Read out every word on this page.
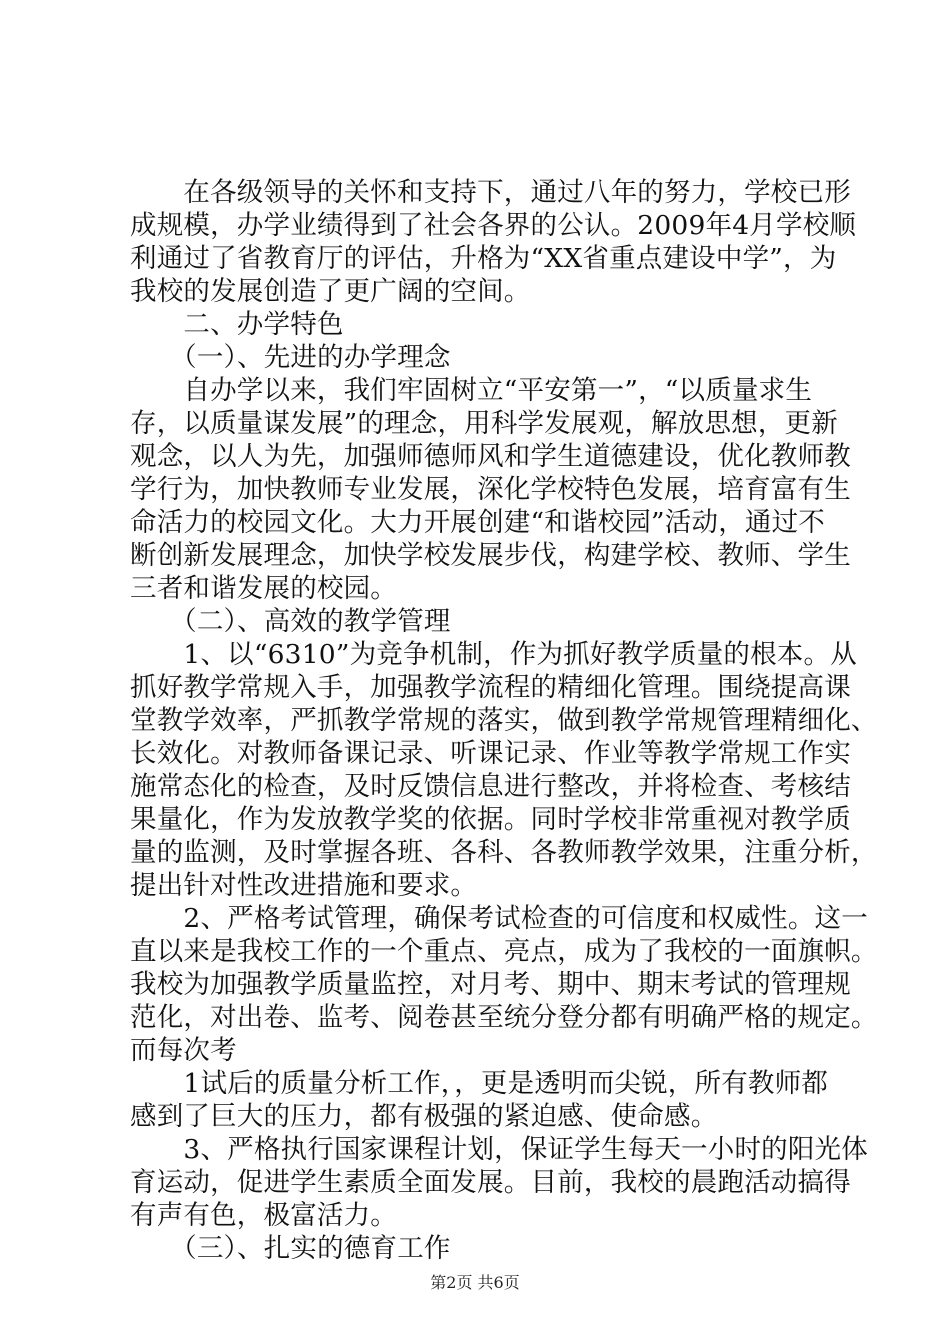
　　在各级领导的关怀和支持下，通过八年的努力，学校已形
成规模，办学业绩得到了社会各界的公认。2009年4月学校顺
利通过了省教育厅的评估，升格为“XX省重点建设中学”，为
我校的发展创造了更广阔的空间。
　　二、办学特色
　　（一）、先进的办学理念
　　自办学以来，我们牢固树立“平安第一”，“以质量求生
存，以质量谋发展”的理念，用科学发展观，解放思想，更新
观念，以人为先，加强师德师风和学生道德建设，优化教师教
学行为，加快教师专业发展，深化学校特色发展，培育富有生
命活力的校园文化。大力开展创建“和谐校园”活动，通过不
断创新发展理念，加快学校发展步伐，构建学校、教师、学生
三者和谐发展的校园。
　　（二）、高效的教学管理
　　1、以“6310”为竞争机制，作为抓好教学质量的根本。从
抓好教学常规入手，加强教学流程的精细化管理。围绕提高课
堂教学效率，严抓教学常规的落实，做到教学常规管理精细化、
长效化。对教师备课记录、听课记录、作业等教学常规工作实
施常态化的检查，及时反馈信息进行整改，并将检查、考核结
果量化，作为发放教学奖的依据。同时学校非常重视对教学质
量的监测，及时掌握各班、各科、各教师教学效果，注重分析，
提出针对性改进措施和要求。
　　2、严格考试管理，确保考试检查的可信度和权威性。这一
直以来是我校工作的一个重点、亮点，成为了我校的一面旗帜。
我校为加强教学质量监控，对月考、期中、期末考试的管理规
范化，对出卷、监考、阅卷甚至统分登分都有明确严格的规定。
而每次考
　　1试后的质量分析工作，，更是透明而尖锐，所有教师都
感到了巨大的压力，都有极强的紧迫感、使命感。
　　3、严格执行国家课程计划，保证学生每天一小时的阳光体
育运动，促进学生素质全面发展。目前，我校的晨跑活动搞得
有声有色，极富活力。
　　（三）、扎实的德育工作
第2页 共6页
